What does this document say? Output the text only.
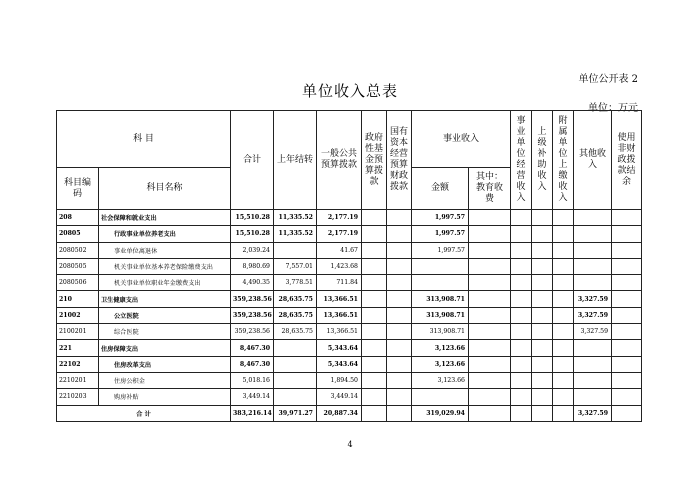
单位公开表 2
单位收入总表
单位：万元
科 目		合计	上年结转	一般公共预算拨款	政府性基金预算拨款	国有资本经营预算财政拨款	事业收入		事业单位经营收入	上级补助收入	附属单位上缴收入	其他收入	使用非财政拨款结余
科目编码	科目名称						金额	其中：教育收费					
208	社会保障和就业支出	15,510.28	11,335.52	2,177.19			1,997.57						
20805	行政事业单位养老支出	15,510.28	11,335.52	2,177.19			1,997.57						
2080502	事业单位离退休	2,039.24		41.67			1,997.57						
2080505	机关事业单位基本养老保险缴费支出	8,980.69	7,557.01	1,423.68									
2080506	机关事业单位职业年金缴费支出	4,490.35	3,778.51	711.84									
210	卫生健康支出	359,238.56	28,635.75	13,366.51			313,908.71					3,327.59	
21002	公立医院	359,238.56	28,635.75	13,366.51			313,908.71					3,327.59	
2100201	综合医院	359,238.56	28,635.75	13,366.51			313,908.71					3,327.59	
221	住房保障支出	8,467.30		5,343.64			3,123.66						
22102	住房改革支出	8,467.30		5,343.64			3,123.66						
2210201	住房公积金	5,018.16		1,894.50			3,123.66						
2210203	购房补贴	3,449.14		3,449.14									
合 计		383,216.14	39,971.27	20,887.34			319,029.94					3,327.59	
4
